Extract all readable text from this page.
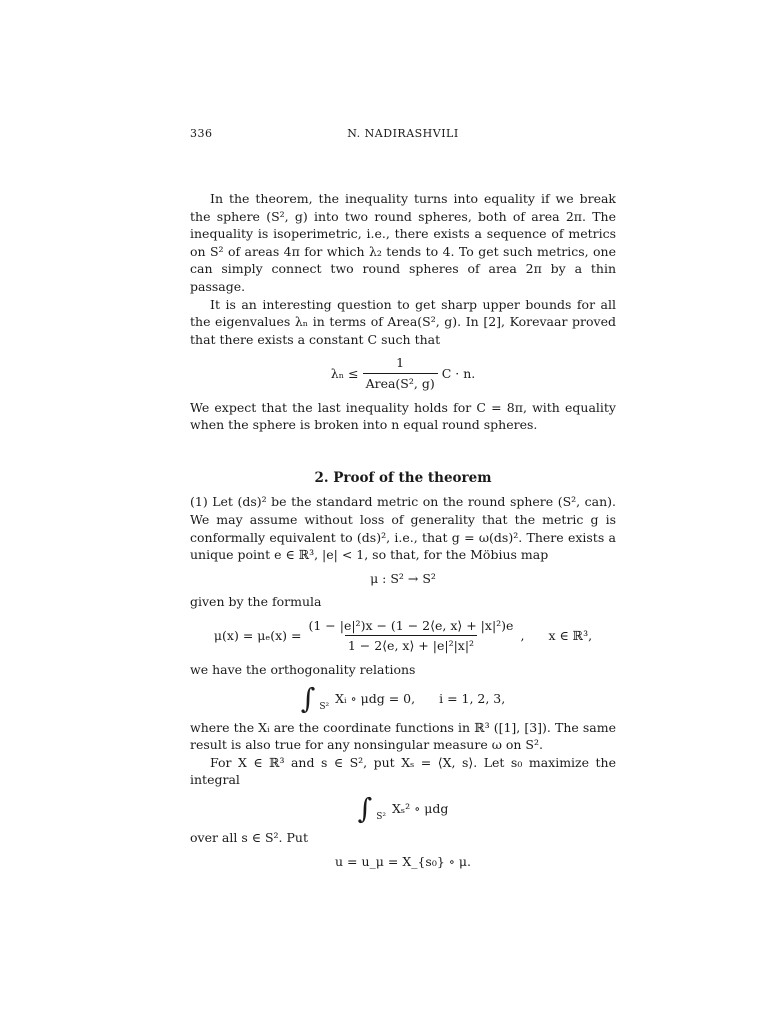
336	N. NADIRASHVILI

In the theorem, the inequality turns into equality if we break the sphere (S², g) into two round spheres, both of area 2π. The inequality is isoperimetric, i.e., there exists a sequence of metrics on S² of areas 4π for which λ₂ tends to 4. To get such metrics, one can simply connect two round spheres of area 2π by a thin passage.

It is an interesting question to get sharp upper bounds for all the eigenvalues λₙ in terms of Area(S², g). In [2], Korevaar proved that there exists a constant C such that

$\lambda_n \le \frac{1}{\text{Area(S², g)}}$ C · n.

We expect that the last inequality holds for C = 8π, with equality when the sphere is broken into n equal round spheres.

2. Proof of the theorem

(1) Let (ds)² be the standard metric on the round sphere (S², can). We may assume without loss of generality that the metric g is conformally equivalent to (ds)², i.e., that g = ω(ds)². There exists a unique point e ∈ ℝ³, |e| < 1, so that, for the Möbius map

μ : S² → S²

given by the formula

$\mu(x) = \mu_e(x) = \frac{\text{(1 − |e|²)x − (1 − 2⟨e, x⟩ + |x|²)e}}{\text{1 − 2⟨e, x⟩ + |e|²|x|²}}$ , x ∈ ℝ³,

we have the orthogonality relations

∫ S²
Xᵢ ∘ μdg = 0, i = 1, 2, 3,

where the Xᵢ are the coordinate functions in ℝ³ ([1], [3]). The same result is also true for any nonsingular measure ω on S².

For X ∈ ℝ³ and s ∈ S², put Xₛ = ⟨X, s⟩. Let s₀ maximize the integral

∫ S²
Xₛ² ∘ μdg

over all s ∈ S². Put

u = u_μ = X_{s₀} ∘ μ.
